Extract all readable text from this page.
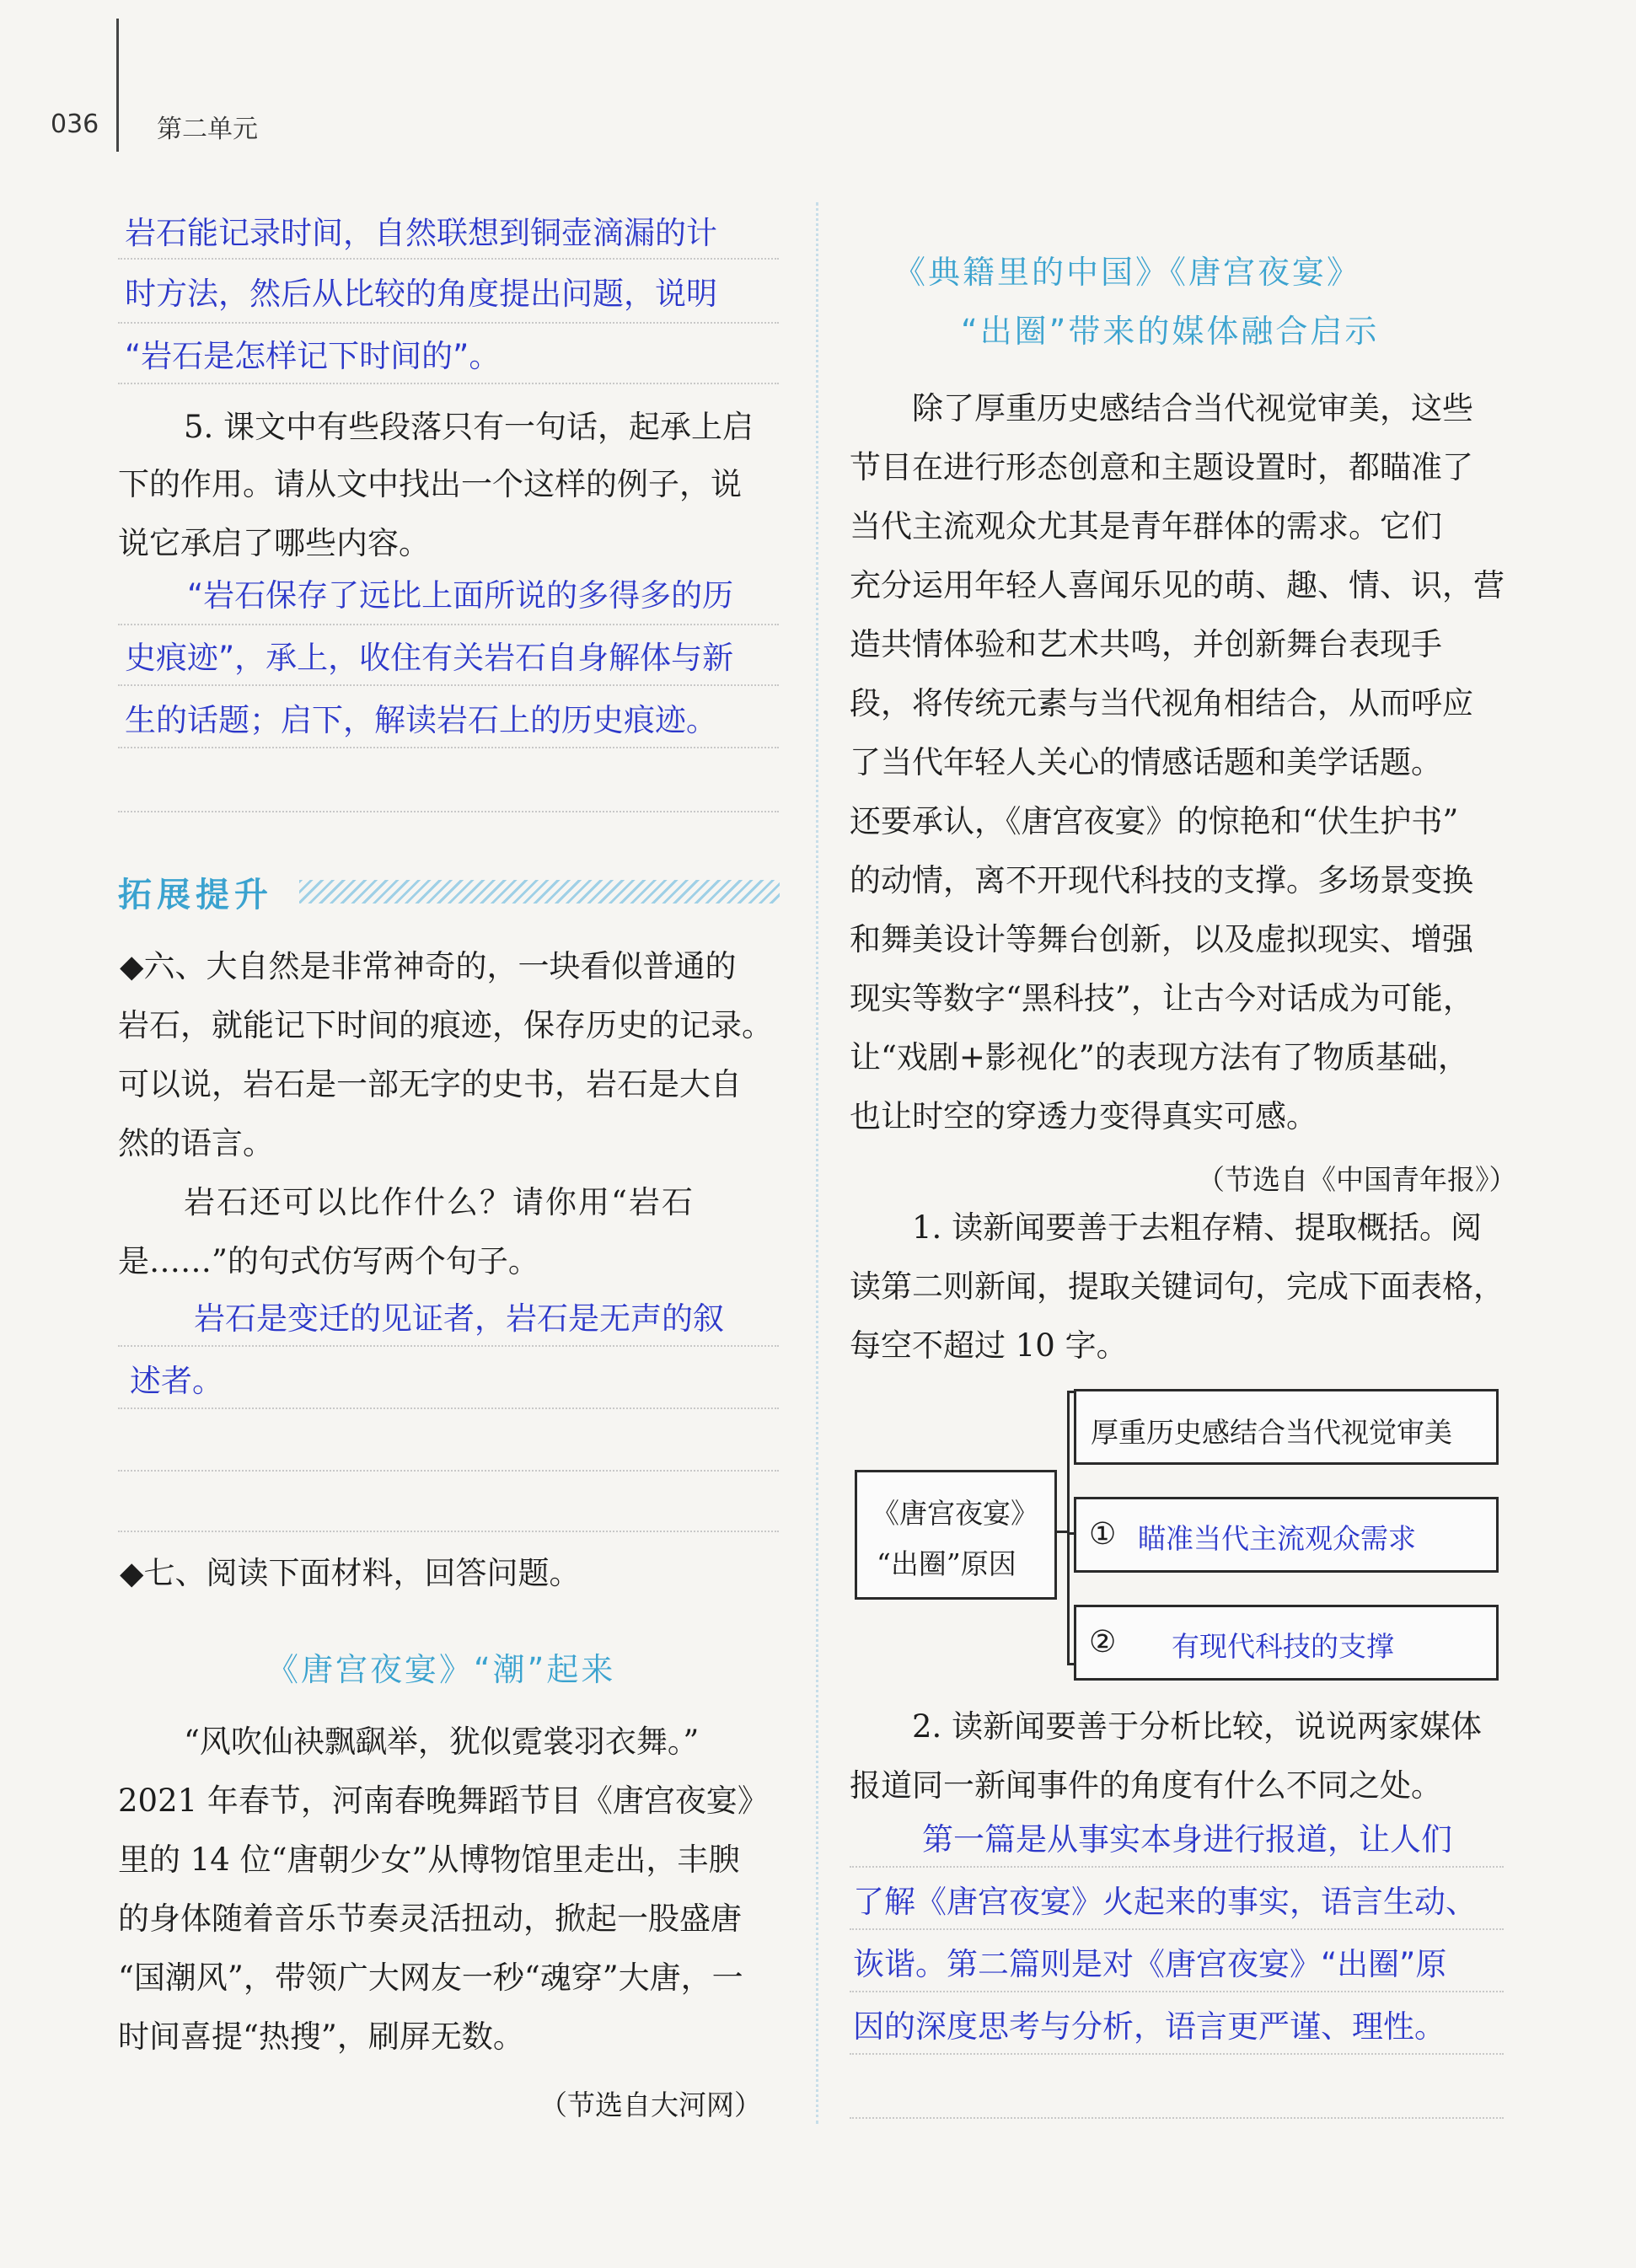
036 第二单元
岩石能记录时间，自然联想到铜壶滴漏的计
时方法，然后从比较的角度提出问题，说明
“岩石是怎样记下时间的”。
5. 课文中有些段落只有一句话，起承上启
下的作用。请从文中找出一个这样的例子，说
说它承启了哪些内容。
“岩石保存了远比上面所说的多得多的历
史痕迹”，承上，收住有关岩石自身解体与新
生的话题；启下，解读岩石上的历史痕迹。
拓展提升
◆六、大自然是非常神奇的，一块看似普通的
岩石，就能记下时间的痕迹，保存历史的记录。
可以说，岩石是一部无字的史书，岩石是大自
然的语言。
岩石还可以比作什么？请你用“岩石
是……”的句式仿写两个句子。
岩石是变迁的见证者，岩石是无声的叙
述者。
◆七、阅读下面材料，回答问题。
《唐宫夜宴》“潮”起来
“风吹仙袂飘飖举，犹似霓裳羽衣舞。”
2021 年春节，河南春晚舞蹈节目《唐宫夜宴》
里的 14 位“唐朝少女”从博物馆里走出，丰腴
的身体随着音乐节奏灵活扭动，掀起一股盛唐
“国潮风”，带领广大网友一秒“魂穿”大唐，一
时间喜提“热搜”，刷屏无数。
（节选自大河网）
《典籍里的中国》《唐宫夜宴》
“出圈”带来的媒体融合启示
除了厚重历史感结合当代视觉审美，这些
节目在进行形态创意和主题设置时，都瞄准了
当代主流观众尤其是青年群体的需求。它们
充分运用年轻人喜闻乐见的萌、趣、情、识，营
造共情体验和艺术共鸣，并创新舞台表现手
段，将传统元素与当代视角相结合，从而呼应
了当代年轻人关心的情感话题和美学话题。
还要承认，《唐宫夜宴》的惊艳和“伏生护书”
的动情，离不开现代科技的支撑。多场景变换
和舞美设计等舞台创新，以及虚拟现实、增强
现实等数字“黑科技”，让古今对话成为可能，
让“戏剧+影视化”的表现方法有了物质基础，
也让时空的穿透力变得真实可感。
（节选自《中国青年报》）
1. 读新闻要善于去粗存精、提取概括。阅
读第二则新闻，提取关键词句，完成下面表格，
每空不超过 10 字。
《唐宫夜宴》
“出圈”原因
厚重历史感结合当代视觉审美
① 瞄准当代主流观众需求
② 有现代科技的支撑
2. 读新闻要善于分析比较，说说两家媒体
报道同一新闻事件的角度有什么不同之处。
第一篇是从事实本身进行报道，让人们
了解《唐宫夜宴》火起来的事实，语言生动、
诙谐。第二篇则是对《唐宫夜宴》“出圈”原
因的深度思考与分析，语言更严谨、理性。
